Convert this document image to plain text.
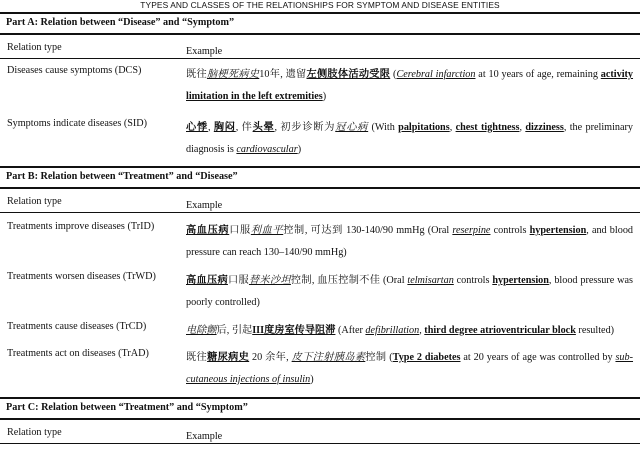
TYPES AND CLASSES OF THE RELATIONSHIPS FOR SYMPTOM AND DISEASE ENTITIES
Part A: Relation between “Disease” and “Symptom”
Relation type	Example
Diseases cause symptoms (DCS)	既往脑梗死病史10年, 遗留左侧肢体活动受限 (Cerebral infarction at 10 years of age, remaining activity limitation in the left extremities)
Symptoms indicate diseases (SID)	心悸, 胸闷, 伴头晕, 初步诊断为冠心病 (With palpitations, chest tightness, dizziness, the preliminary diagnosis is cardiovascular)
Part B: Relation between “Treatment” and “Disease”
Relation type	Example
Treatments improve diseases (TrID)	高血压病口服利血平控制, 可达到 130-140/90 mmHg (Oral reserpine controls hypertension, and blood pressure can reach 130–140/90 mmHg)
Treatments worsen diseases (TrWD)	高血压病口服替米沙坦控制, 血压控制不佳 (Oral telmisartan controls hypertension, blood pressure was poorly controlled)
Treatments cause diseases (TrCD)	电除颤后, 引起III度房室传导阻滞 (After defibrillation, third degree atrioventricular block resulted)
Treatments act on diseases (TrAD)	既往糖尿病史 20 余年, 皮下注射胰岛素控制 (Type 2 diabetes at 20 years of age was controlled by sub-cutaneous injections of insulin)
Part C: Relation between “Treatment” and “Symptom”
Relation type	Example
